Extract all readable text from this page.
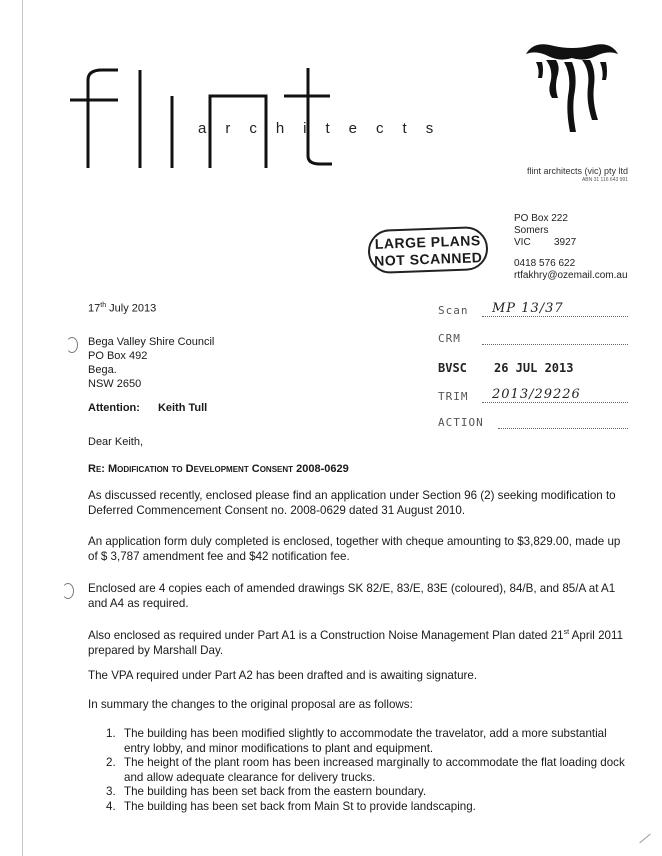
architects
flint architects (vic) pty ltd
ABN 31 116 643 991
PO Box 222
Somers
VIC	3927
0418 576 622
rtfakhry@ozemail.com.au
LARGE PLANS
NOT SCANNED
17th July 2013
Bega Valley Shire Council
PO Box 492
Bega.
NSW 2650
Attention: Keith Tull
Scan MP 13/37
CRM
BVSC 26 JUL 2013
TRIM 2013/29226
ACTION
Dear Keith,
Re: Modification to Development Consent 2008-0629
As discussed recently, enclosed please find an application under Section 96 (2) seeking modification to Deferred Commencement Consent no. 2008-0629 dated 31 August 2010.
An application form duly completed is enclosed, together with cheque amounting to $3,829.00, made up of $ 3,787 amendment fee and $42 notification fee.
Enclosed are 4 copies each of amended drawings SK 82/E, 83/E, 83E (coloured), 84/B, and 85/A at A1 and A4 as required.
Also enclosed as required under Part A1 is a Construction Noise Management Plan dated 21st April 2011 prepared by Marshall Day.
The VPA required under Part A2 has been drafted and is awaiting signature.
In summary the changes to the original proposal are as follows:
1. The building has been modified slightly to accommodate the travelator, add a more substantial entry lobby, and minor modifications to plant and equipment.
2. The height of the plant room has been increased marginally to accommodate the flat loading dock and allow adequate clearance for delivery trucks.
3. The building has been set back from the eastern boundary.
4. The building has been set back from Main St to provide landscaping.
